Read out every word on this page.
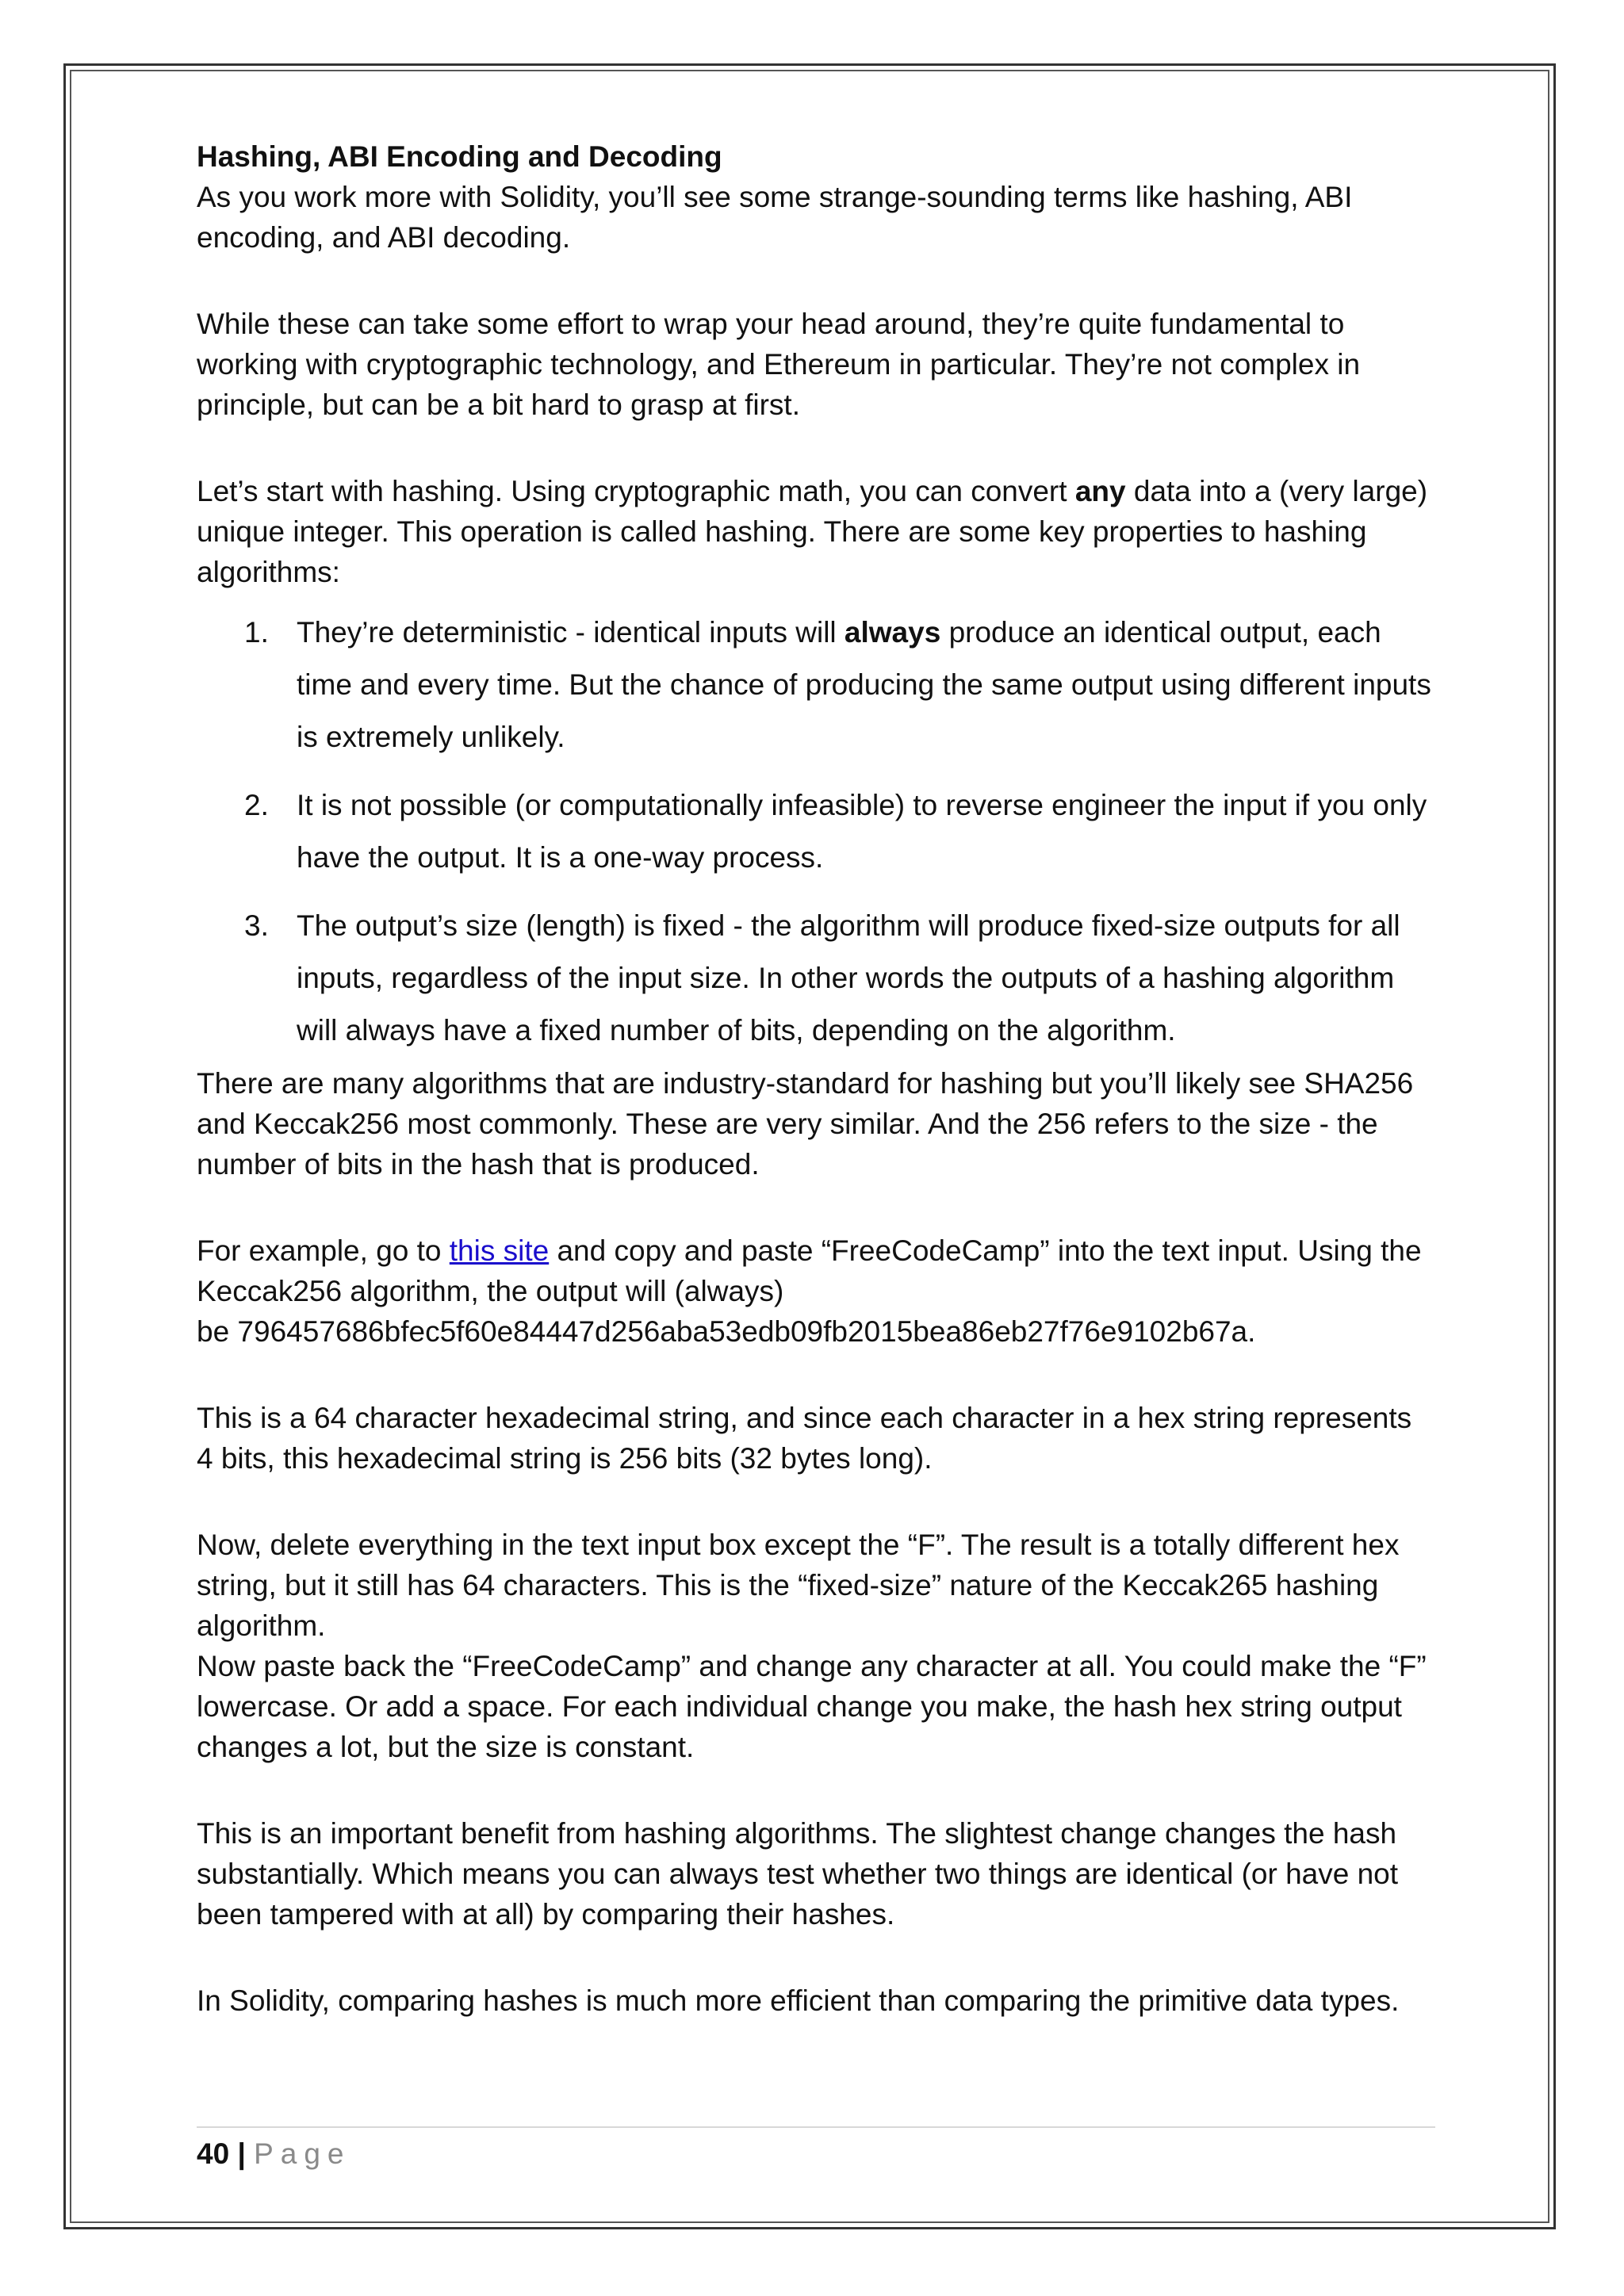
Hashing, ABI Encoding and Decoding

As you work more with Solidity, you’ll see some strange-sounding terms like hashing, ABI encoding, and ABI decoding.

While these can take some effort to wrap your head around, they’re quite fundamental to working with cryptographic technology, and Ethereum in particular. They’re not complex in principle, but can be a bit hard to grasp at first.

Let’s start with hashing. Using cryptographic math, you can convert any data into a (very large) unique integer. This operation is called hashing. There are some key properties to hashing algorithms:

1. They’re deterministic - identical inputs will always produce an identical output, each time and every time. But the chance of producing the same output using different inputs is extremely unlikely.
2. It is not possible (or computationally infeasible) to reverse engineer the input if you only have the output. It is a one-way process.
3. The output’s size (length) is fixed - the algorithm will produce fixed-size outputs for all inputs, regardless of the input size. In other words the outputs of a hashing algorithm will always have a fixed number of bits, depending on the algorithm.

There are many algorithms that are industry-standard for hashing but you’ll likely see SHA256 and Keccak256 most commonly. These are very similar. And the 256 refers to the size - the number of bits in the hash that is produced.

For example, go to this site and copy and paste “FreeCodeCamp” into the text input. Using the Keccak256 algorithm, the output will (always)
be 796457686bfec5f60e84447d256aba53edb09fb2015bea86eb27f76e9102b67a.

This is a 64 character hexadecimal string, and since each character in a hex string represents 4 bits, this hexadecimal string is 256 bits (32 bytes long).

Now, delete everything in the text input box except the “F”. The result is a totally different hex string, but it still has 64 characters. This is the “fixed-size” nature of the Keccak265 hashing algorithm.

Now paste back the “FreeCodeCamp” and change any character at all. You could make the “F” lowercase. Or add a space. For each individual change you make, the hash hex string output changes a lot, but the size is constant.

This is an important benefit from hashing algorithms. The slightest change changes the hash substantially. Which means you can always test whether two things are identical (or have not been tampered with at all) by comparing their hashes.

In Solidity, comparing hashes is much more efficient than comparing the primitive data types.

40 | Page
